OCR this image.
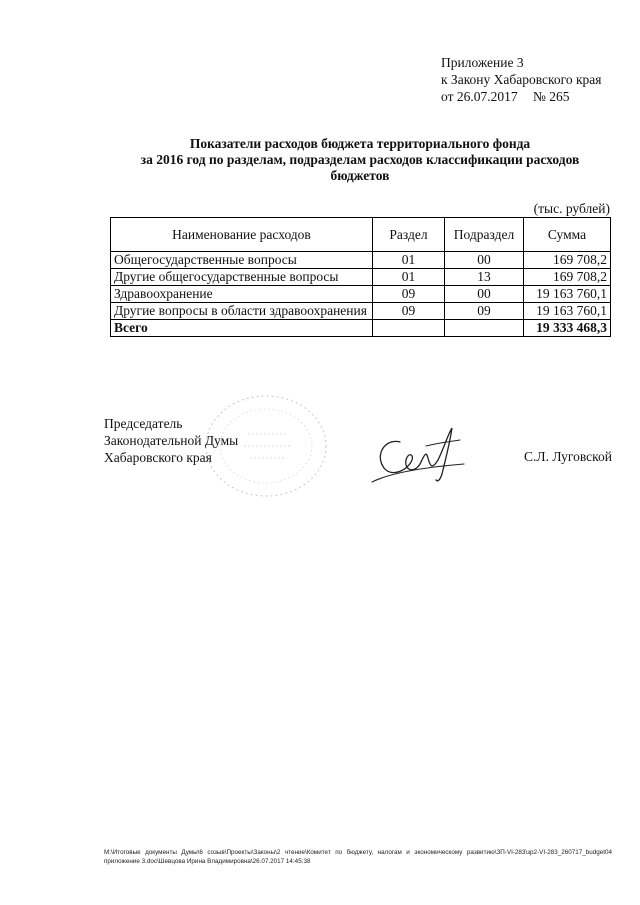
Приложение 3
к Закону Хабаровского края
от 26.07.2017 № 265
Показатели расходов бюджета территориального фонда
за 2016 год по разделам, подразделам расходов классификации расходов
бюджетов
(тыс. рублей)
Наименование расходов	Раздел	Подраздел	Сумма
Общегосударственные вопросы	01	00	169 708,2
Другие общегосударственные вопросы	01	13	169 708,2
Здравоохранение	09	00	19 163 760,1
Другие вопросы в области здравоохранения	09	09	19 163 760,1
Всего			19 333 468,3
Председатель
Законодательной Думы
Хабаровского края	С.Л. Луговской
M:\Итоговые документы Думы\6 созыв\Проекты\Законы\2 чтение\Комитет по бюджету, налогам и экономическому развитию\ЗП-VI-283\зр2-VI-283_260717_budget04 приложение 3.doc\Шевцова Ирина Владимировна\26.07.2017 14:45:38
